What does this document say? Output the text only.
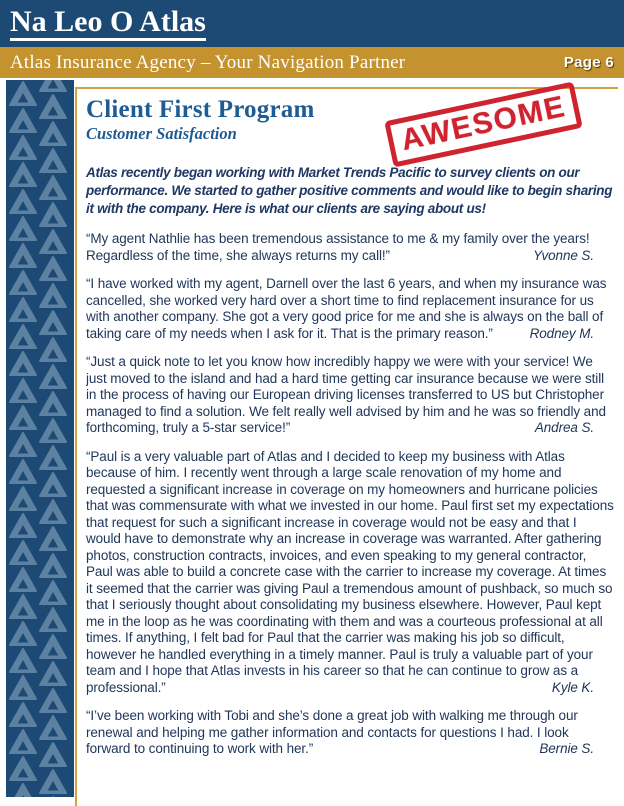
Na Leo O Atlas
Atlas Insurance Agency – Your Navigation Partner	Page 6
Client First Program
Customer Satisfaction	AWESOME

Atlas recently began working with Market Trends Pacific to survey clients on our performance. We started to gather positive comments and would like to begin sharing it with the company. Here is what our clients are saying about us!

“My agent Nathlie has been tremendous assistance to me & my family over the years! Regardless of the time, she always returns my call!”	Yvonne S.

“I have worked with my agent, Darnell over the last 6 years, and when my insurance was cancelled, she worked very hard over a short time to find replacement insurance for us with another company. She got a very good price for me and she is always on the ball of taking care of my needs when I ask for it. That is the primary reason.”	Rodney M.

“Just a quick note to let you know how incredibly happy we were with your service! We just moved to the island and had a hard time getting car insurance because we were still in the process of having our European driving licenses transferred to US but Christopher managed to find a solution. We felt really well advised by him and he was so friendly and forthcoming, truly a 5-star service!”	Andrea S.

“Paul is a very valuable part of Atlas and I decided to keep my business with Atlas because of him. I recently went through a large scale renovation of my home and requested a significant increase in coverage on my homeowners and hurricane policies that was commensurate with what we invested in our home. Paul first set my expectations that request for such a significant increase in coverage would not be easy and that I would have to demonstrate why an increase in coverage was warranted. After gathering photos, construction contracts, invoices, and even speaking to my general contractor, Paul was able to build a concrete case with the carrier to increase my coverage. At times it seemed that the carrier was giving Paul a tremendous amount of pushback, so much so that I seriously thought about consolidating my business elsewhere. However, Paul kept me in the loop as he was coordinating with them and was a courteous professional at all times. If anything, I felt bad for Paul that the carrier was making his job so difficult, however he handled everything in a timely manner. Paul is truly a valuable part of your team and I hope that Atlas invests in his career so that he can continue to grow as a professional.”	Kyle K.

“I’ve been working with Tobi and she’s done a great job with walking me through our renewal and helping me gather information and contacts for questions I had. I look forward to continuing to work with her.”	Bernie S.
